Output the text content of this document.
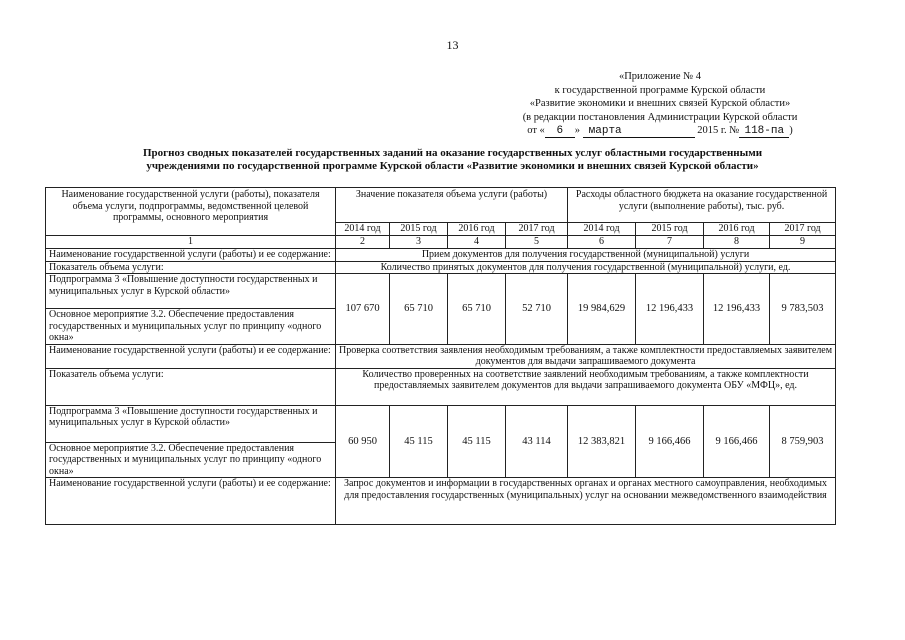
13
«Приложение № 4
к государственной программе Курской области
«Развитие экономики и внешних связей Курской области»
(в редакции постановления Администрации Курской области
от « 6 » марта	2015 г. № 118-па )
Прогноз сводных показателей государственных заданий на оказание государственных услуг областными государственными
учреждениями по государственной программе Курской области «Развитие экономики и внешних связей Курской области»
Наименование государственной услуги (работы), показателя объема услуги, подпрограммы, ведомственной целевой программы, основного мероприятия	Значение показателя объема услуги (работы)				Расходы областного бюджета на оказание государственной услуги (выполнение работы), тыс. руб.			
	2014 год	2015 год	2016 год	2017 год	2014 год	2015 год	2016 год	2017 год
1	2	3	4	5	6	7	8	9
Наименование государственной услуги (работы) и ее содержание:	Прием документов для получения государственной (муниципальной) услуги							
Показатель объема услуги:	Количество принятых документов для получения государственной (муниципальной) услуги, ед.							
Подпрограмма 3 «Повышение доступности государственных и муниципальных услуг в Курской области»	107 670	65 710	65 710	52 710	19 984,629	12 196,433	12 196,433	9 783,503
Основное мероприятие 3.2. Обеспечение предоставления государственных и муниципальных услуг по принципу «одного окна»								
Наименование государственной услуги (работы) и ее содержание:	Проверка соответствия заявления необходимым требованиям, а также комплектности предоставляемых заявителем документов для выдачи запрашиваемого документа							
Показатель объема услуги:	Количество проверенных на соответствие заявлений необходимым требованиям, а также комплектности предоставляемых заявителем документов для выдачи запрашиваемого документа ОБУ «МФЦ», ед.							
Подпрограмма 3 «Повышение доступности государственных и муниципальных услуг в Курской области»	60 950	45 115	45 115	43 114	12 383,821	9 166,466	9 166,466	8 759,903
Основное мероприятие 3.2. Обеспечение предоставления государственных и муниципальных услуг по принципу «одного окна»								
Наименование государственной услуги (работы) и ее содержание:	Запрос документов и информации в государственных органах и органах местного самоуправления, необходимых для предоставления государственных (муниципальных) услуг на основании межведомственного взаимодействия							
